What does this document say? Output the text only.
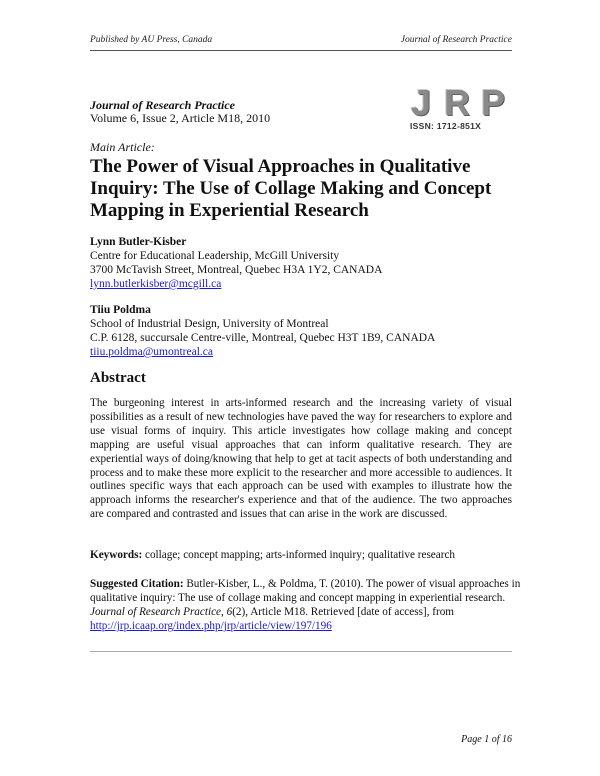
Published by AU Press, Canada	Journal of Research Practice
Journal of Research Practice
Volume 6, Issue 2, Article M18, 2010	J R P
ISSN: 1712-851X
Main Article:
The Power of Visual Approaches in Qualitative Inquiry: The Use of Collage Making and Concept Mapping in Experiential Research
Lynn Butler-Kisber
Centre for Educational Leadership, McGill University
3700 McTavish Street, Montreal, Quebec H3A 1Y2, CANADA
lynn.butlerkisber@mcgill.ca
Tiiu Poldma
School of Industrial Design, University of Montreal
C.P. 6128, succursale Centre-ville, Montreal, Quebec H3T 1B9, CANADA
tiiu.poldma@umontreal.ca
Abstract
The burgeoning interest in arts-informed research and the increasing variety of visual possibilities as a result of new technologies have paved the way for researchers to explore and use visual forms of inquiry. This article investigates how collage making and concept mapping are useful visual approaches that can inform qualitative research. They are experiential ways of doing/knowing that help to get at tacit aspects of both understanding and process and to make these more explicit to the researcher and more accessible to audiences. It outlines specific ways that each approach can be used with examples to illustrate how the approach informs the researcher's experience and that of the audience. The two approaches are compared and contrasted and issues that can arise in the work are discussed.
Keywords: collage; concept mapping; arts-informed inquiry; qualitative research
Suggested Citation: Butler-Kisber, L., & Poldma, T. (2010). The power of visual approaches in qualitative inquiry: The use of collage making and concept mapping in experiential research. Journal of Research Practice, 6(2), Article M18. Retrieved [date of access], from http://jrp.icaap.org/index.php/jrp/article/view/197/196
Page 1 of 16
